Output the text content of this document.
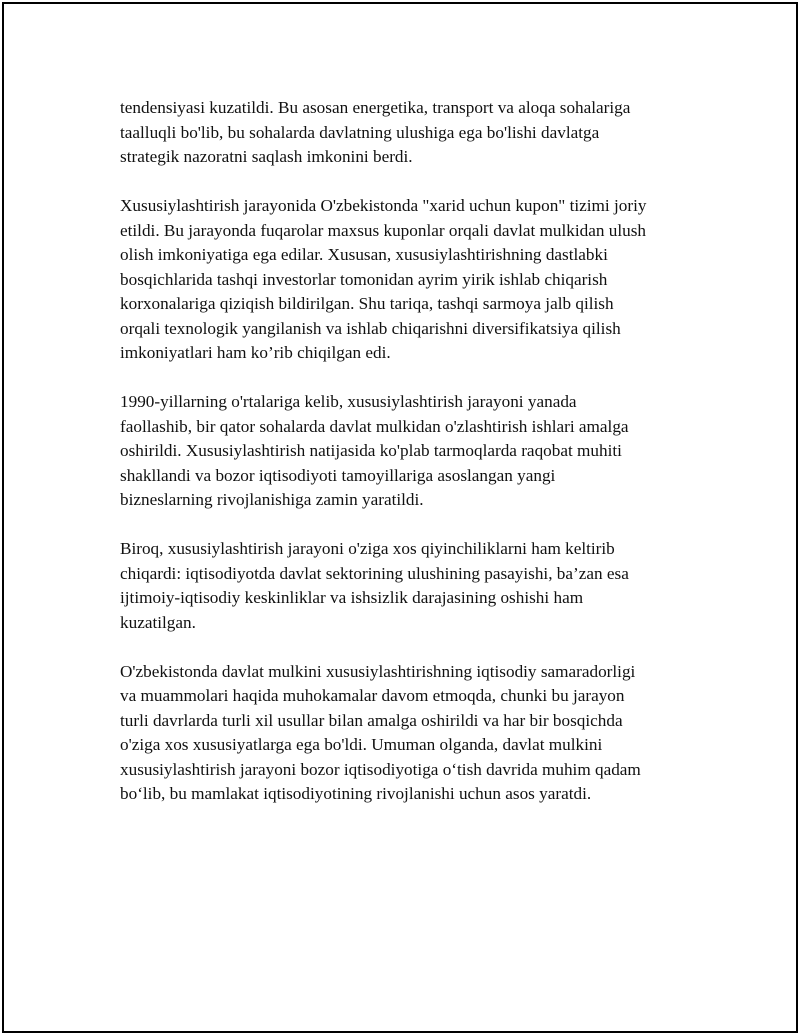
tendensiyasi kuzatildi. Bu asosan energetika, transport va aloqa sohalariga
taalluqli bo'lib, bu sohalarda davlatning ulushiga ega bo'lishi davlatga
strategik nazoratni saqlash imkonini berdi.

Xususiylashtirish jarayonida O'zbekistonda "xarid uchun kupon" tizimi joriy
etildi. Bu jarayonda fuqarolar maxsus kuponlar orqali davlat mulkidan ulush
olish imkoniyatiga ega edilar. Xususan, xususiylashtirishning dastlabki
bosqichlarida tashqi investorlar tomonidan ayrim yirik ishlab chiqarish
korxonalariga qiziqish bildirilgan. Shu tariqa, tashqi sarmoya jalb qilish
orqali texnologik yangilanish va ishlab chiqarishni diversifikatsiya qilish
imkoniyatlari ham ko’rib chiqilgan edi.

1990-yillarning o'rtalariga kelib, xususiylashtirish jarayoni yanada
faollashib, bir qator sohalarda davlat mulkidan o'zlashtirish ishlari amalga
oshirildi. Xususiylashtirish natijasida ko'plab tarmoqlarda raqobat muhiti
shakllandi va bozor iqtisodiyoti tamoyillariga asoslangan yangi
bizneslarning rivojlanishiga zamin yaratildi.

Biroq, xususiylashtirish jarayoni o'ziga xos qiyinchiliklarni ham keltirib
chiqardi: iqtisodiyotda davlat sektorining ulushining pasayishi, ba’zan esa
ijtimoiy-iqtisodiy keskinliklar va ishsizlik darajasining oshishi ham
kuzatilgan.

O'zbekistonda davlat mulkini xususiylashtirishning iqtisodiy samaradorligi
va muammolari haqida muhokamalar davom etmoqda, chunki bu jarayon
turli davrlarda turli xil usullar bilan amalga oshirildi va har bir bosqichda
o'ziga xos xususiyatlarga ega bo'ldi. Umuman olganda, davlat mulkini
xususiylashtirish jarayoni bozor iqtisodiyotiga o‘tish davrida muhim qadam
bo‘lib, bu mamlakat iqtisodiyotining rivojlanishi uchun asos yaratdi.
